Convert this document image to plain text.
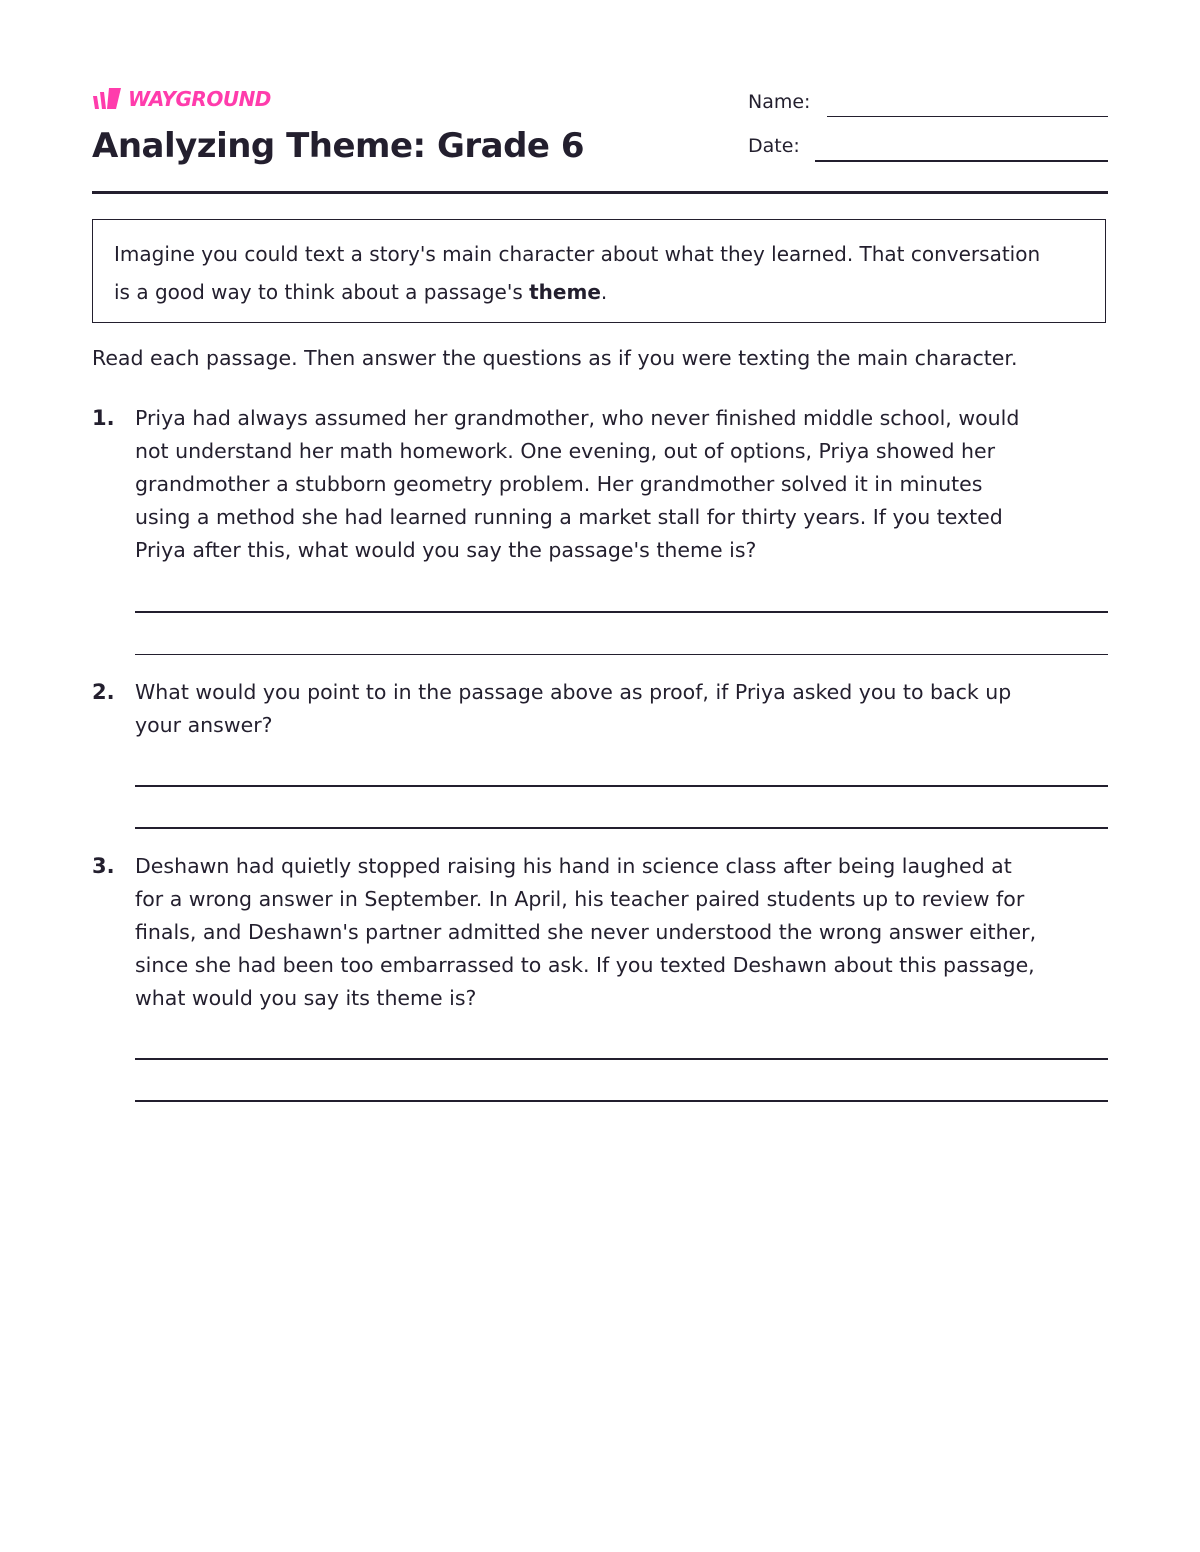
WAYGROUND
Analyzing Theme: Grade 6
Name:
Date:
Imagine you could text a story's main character about what they learned. That conversation
is a good way to think about a passage's theme.
Read each passage. Then answer the questions as if you were texting the main character.
1. Priya had always assumed her grandmother, who never finished middle school, would
not understand her math homework. One evening, out of options, Priya showed her
grandmother a stubborn geometry problem. Her grandmother solved it in minutes
using a method she had learned running a market stall for thirty years. If you texted
Priya after this, what would you say the passage's theme is?
2. What would you point to in the passage above as proof, if Priya asked you to back up
your answer?
3. Deshawn had quietly stopped raising his hand in science class after being laughed at
for a wrong answer in September. In April, his teacher paired students up to review for
finals, and Deshawn's partner admitted she never understood the wrong answer either,
since she had been too embarrassed to ask. If you texted Deshawn about this passage,
what would you say its theme is?
